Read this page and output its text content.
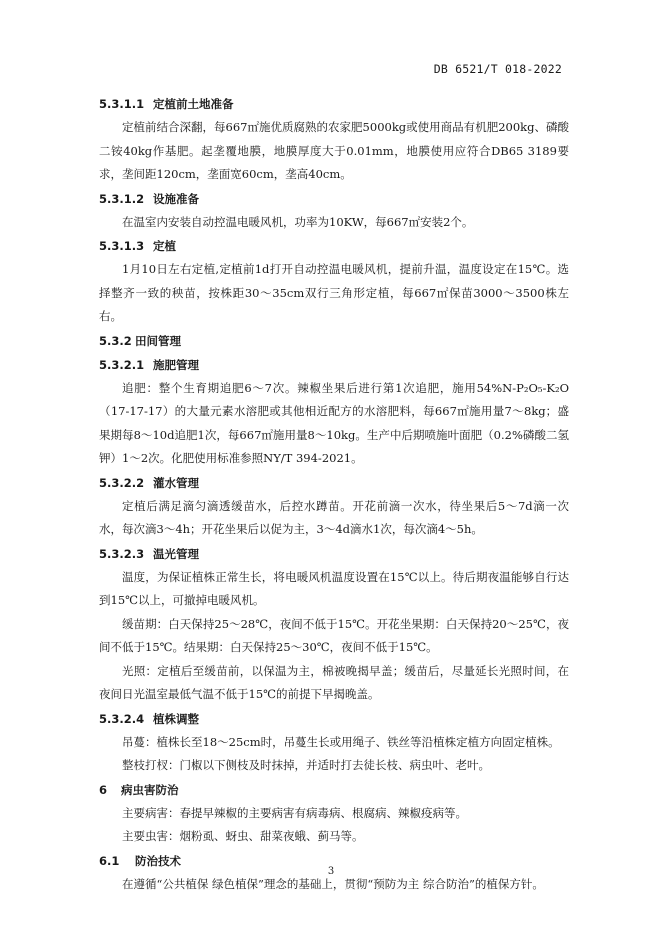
DB 6521/T 018-2022
5.3.1.1 定植前土地准备

定植前结合深翻，每667㎡施优质腐熟的农家肥5000kg或使用商品有机肥200kg、磷酸二铵40kg作基肥。起垄覆地膜，地膜厚度大于0.01mm，地膜使用应符合DB65 3189要求，垄间距120cm，垄面宽60cm，垄高40cm。

5.3.1.2 设施准备

在温室内安装自动控温电暖风机，功率为10KW，每667㎡安装2个。

5.3.1.3 定植

1月10日左右定植,定植前1d打开自动控温电暖风机，提前升温，温度设定在15℃。选择整齐一致的秧苗，按株距30～35cm双行三角形定植，每667㎡保苗3000～3500株左右。

5.3.2 田间管理
5.3.2.1 施肥管理

追肥：整个生育期追肥6～7次。辣椒坐果后进行第1次追肥，施用54%N-P₂O₅-K₂O（17-17-17）的大量元素水溶肥或其他相近配方的水溶肥料，每667㎡施用量7～8kg；盛果期每8～10d追肥1次，每667㎡施用量8～10kg。生产中后期喷施叶面肥（0.2%磷酸二氢钾）1～2次。化肥使用标准参照NY/T 394-2021。

5.3.2.2 灌水管理

定植后满足滴匀滴透缓苗水，后控水蹲苗。开花前滴一次水，待坐果后5～7d滴一次水，每次滴3～4h；开花坐果后以促为主，3～4d滴水1次，每次滴4～5h。

5.3.2.3 温光管理

温度，为保证植株正常生长，将电暖风机温度设置在15℃以上。待后期夜温能够自行达到15℃以上，可撤掉电暖风机。

缓苗期：白天保持25～28℃，夜间不低于15℃。开花坐果期：白天保持20～25℃，夜间不低于15℃。结果期：白天保持25～30℃，夜间不低于15℃。

光照：定植后至缓苗前，以保温为主，棉被晚揭早盖；缓苗后，尽量延长光照时间，在夜间日光温室最低气温不低于15℃的前提下早揭晚盖。

5.3.2.4 植株调整

吊蔓：植株长至18～25cm时，吊蔓生长或用绳子、铁丝等沿植株定植方向固定植株。

整枝打杈：门椒以下侧枝及时抹掉，并适时打去徒长枝、病虫叶、老叶。

6 病虫害防治

主要病害：春提早辣椒的主要病害有病毒病、根腐病、辣椒疫病等。

主要虫害：烟粉虱、蚜虫、甜菜夜蛾、蓟马等。

6.1 防治技术

在遵循“公共植保 绿色植保”理念的基础上，贯彻“预防为主 综合防治”的植保方针。

3
